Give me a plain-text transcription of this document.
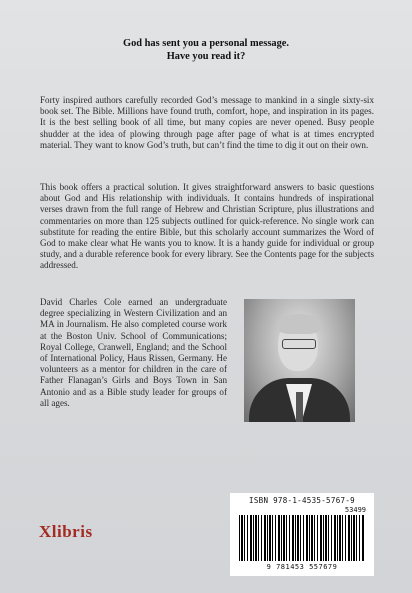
God has sent you a personal message.
Have you read it?

Forty inspired authors carefully recorded God’s message to mankind in a single sixty-six book set. The Bible. Millions have found truth, comfort, hope, and inspiration in its pages. It is the best selling book of all time, but many copies are never opened. Busy people shudder at the idea of plowing through page after page of what is at times encrypted material. They want to know God’s truth, but can’t find the time to dig it out on their own.

This book offers a practical solution. It gives straightforward answers to basic questions about God and His relationship with individuals. It contains hundreds of inspirational verses drawn from the full range of Hebrew and Christian Scripture, plus illustrations and commentaries on more than 125 subjects outlined for quick-reference. No single work can substitute for reading the entire Bible, but this scholarly account summarizes the Word of God to make clear what He wants you to know. It is a handy guide for individual or group study, and a durable reference book for every library. See the Contents page for the subjects addressed.

David Charles Cole earned an undergraduate degree specializing in Western Civilization and an MA in Journalism. He also completed course work at the Boston Univ. School of Communications; Royal College, Cranwell, England; and the School of International Policy, Haus Rissen, Germany. He volunteers as a mentor for children in the care of Father Flanagan’s Girls and Boys Town in San Antonio and as a Bible study leader for groups of all ages.

Xlibris
ISBN 978-1-4535-5767-9
53499
9 781453 557679
